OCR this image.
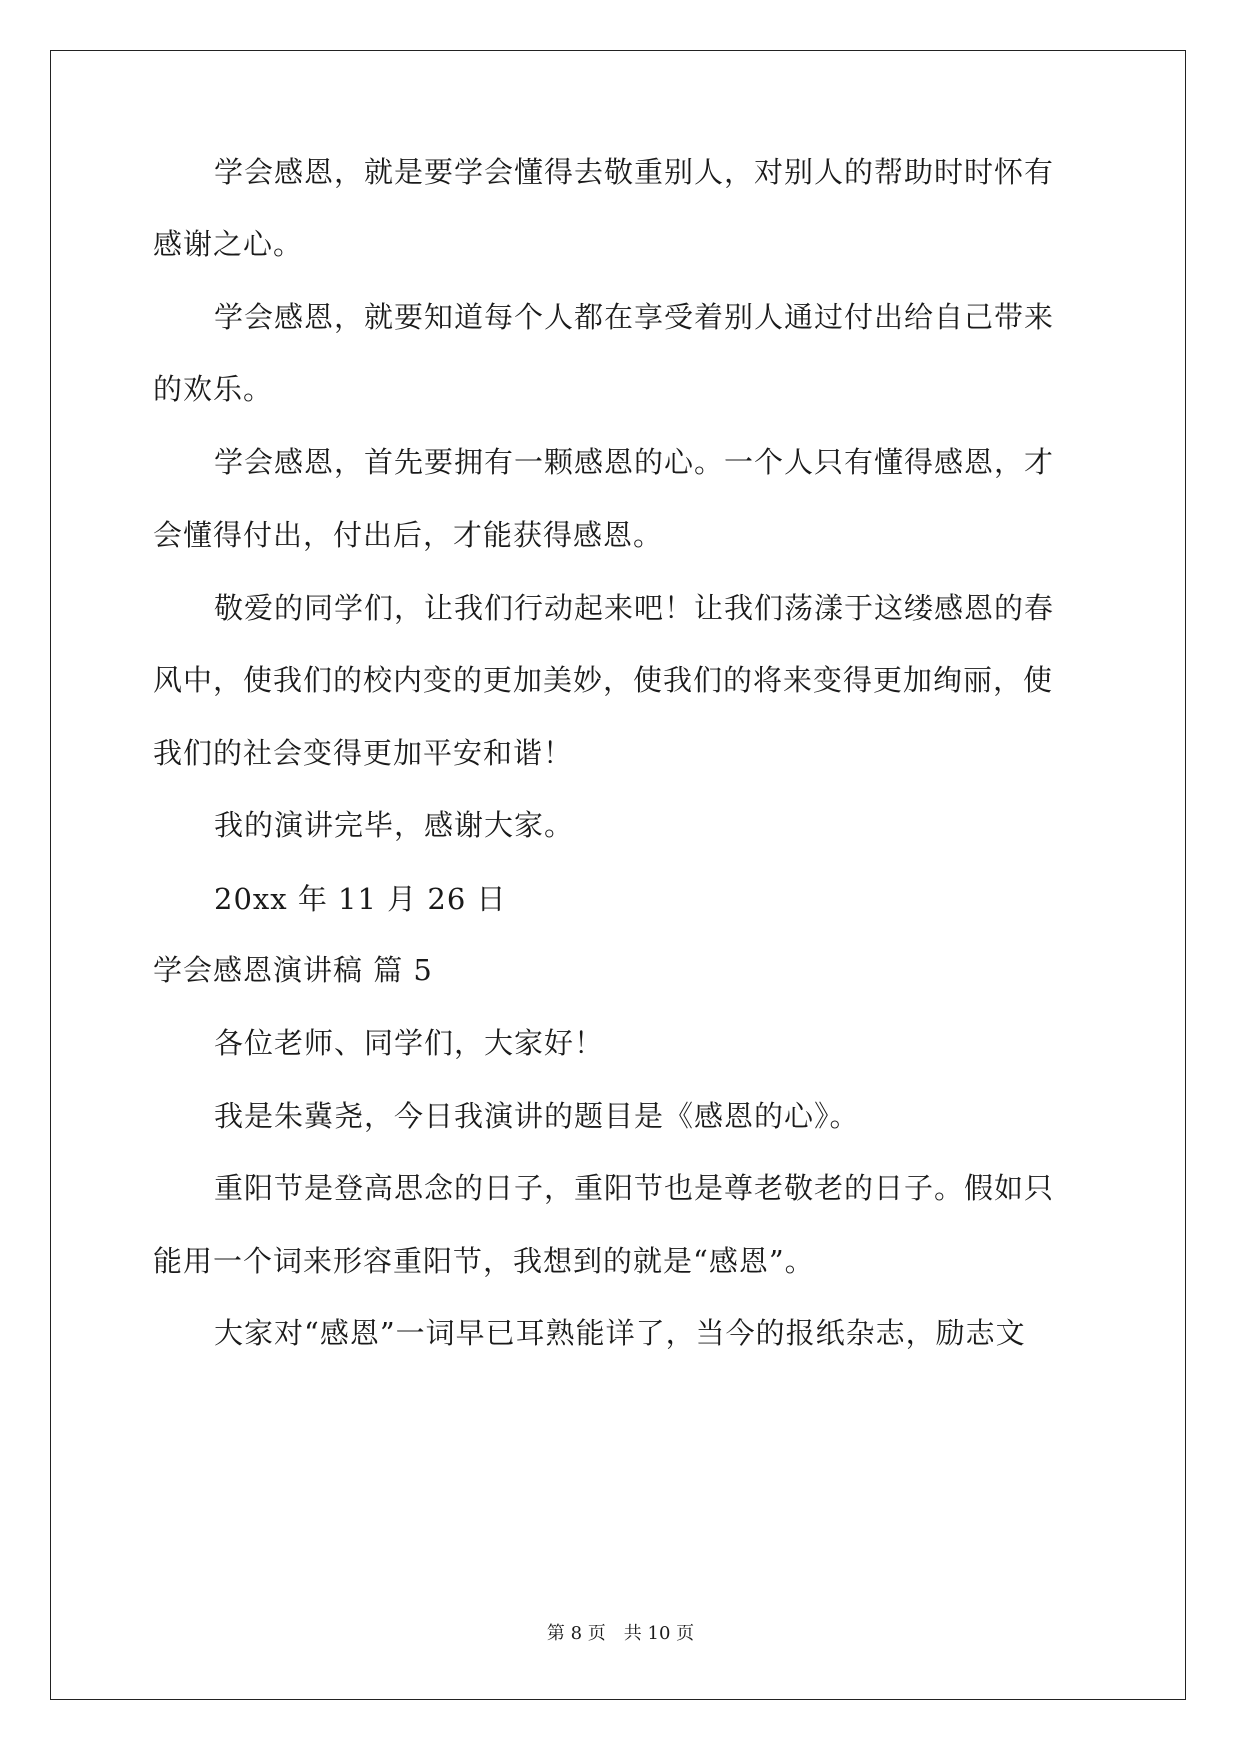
学会感恩，就是要学会懂得去敬重别人，对别人的帮助时时怀有
感谢之心。
学会感恩，就要知道每个人都在享受着别人通过付出给自己带来
的欢乐。
学会感恩，首先要拥有一颗感恩的心。一个人只有懂得感恩，才
会懂得付出，付出后，才能获得感恩。
敬爱的同学们，让我们行动起来吧！让我们荡漾于这缕感恩的春
风中，使我们的校内变的更加美妙，使我们的将来变得更加绚丽，使
我们的社会变得更加平安和谐！
我的演讲完毕，感谢大家。
20xx 年 11 月 26 日
学会感恩演讲稿 篇 5
各位老师、同学们，大家好！
我是朱冀尧，今日我演讲的题目是《感恩的心》。
重阳节是登高思念的日子，重阳节也是尊老敬老的日子。假如只
能用一个词来形容重阳节，我想到的就是“感恩”。
大家对“感恩”一词早已耳熟能详了，当今的报纸杂志，励志文
第 8 页 共 10 页
